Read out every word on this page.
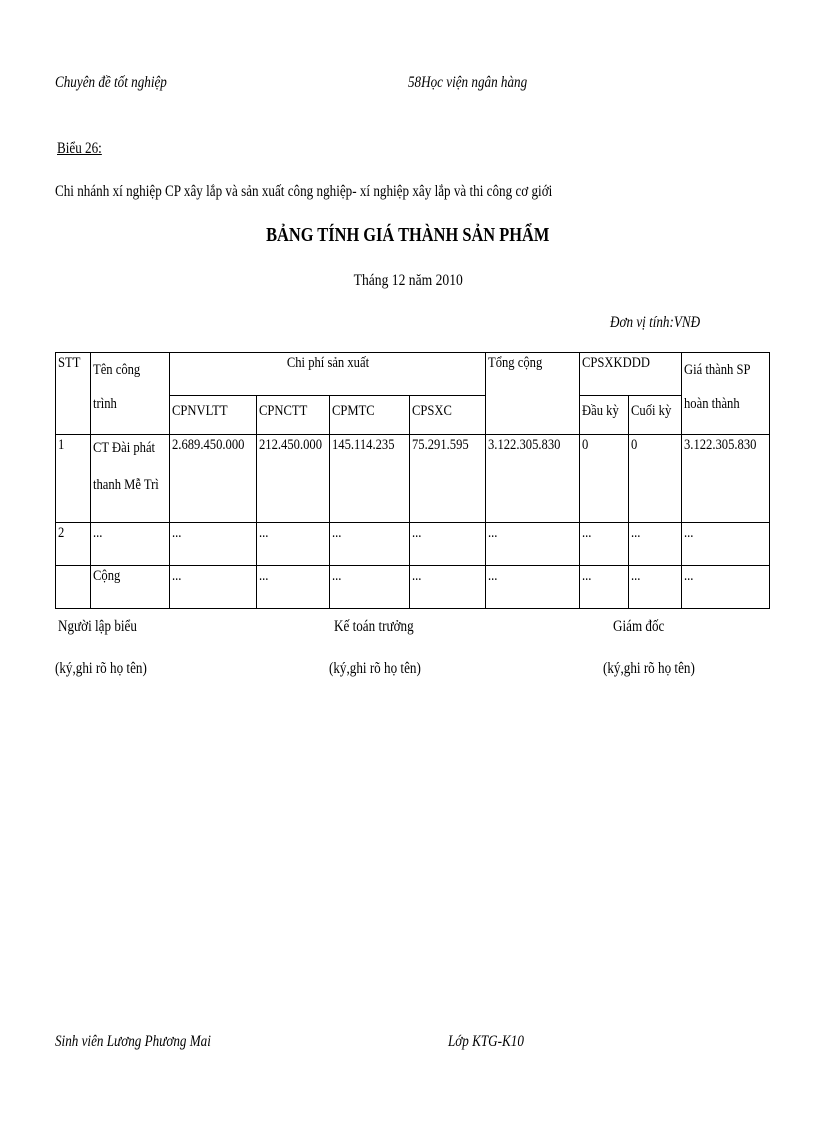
Chuyên đề tốt nghiệp	58Học viện ngân hàng
Biểu 26:
Chi nhánh xí nghiệp CP xây lắp và sản xuất công nghiệp- xí nghiệp xây lắp và thi công cơ giới
BẢNG TÍNH GIÁ THÀNH SẢN PHẨM
Tháng 12 năm 2010
Đơn vị tính:VNĐ
STT	Tên công trình	Chi phí sản xuất				Tổng cộng	CPSXKDDD		Giá thành SP hoàn thành
		CPNVLTT	CPNCTT	CPMTC	CPSXC		Đầu kỳ	Cuối kỳ	
1	CT Đài phát thanh Mễ Trì	2.689.450.000	212.450.000	145.114.235	75.291.595	3.122.305.830	0	0	3.122.305.830
2	...	...	...	...	...	...	...	...	...
	Cộng	...	...	...	...	...	...	...	...
Người lập biểu
(ký,ghi rõ họ tên)
Kế toán trưởng
(ký,ghi rõ họ tên)
Giám đốc
(ký,ghi rõ họ tên)
Sinh viên Lương Phương Mai	Lớp KTG-K10
